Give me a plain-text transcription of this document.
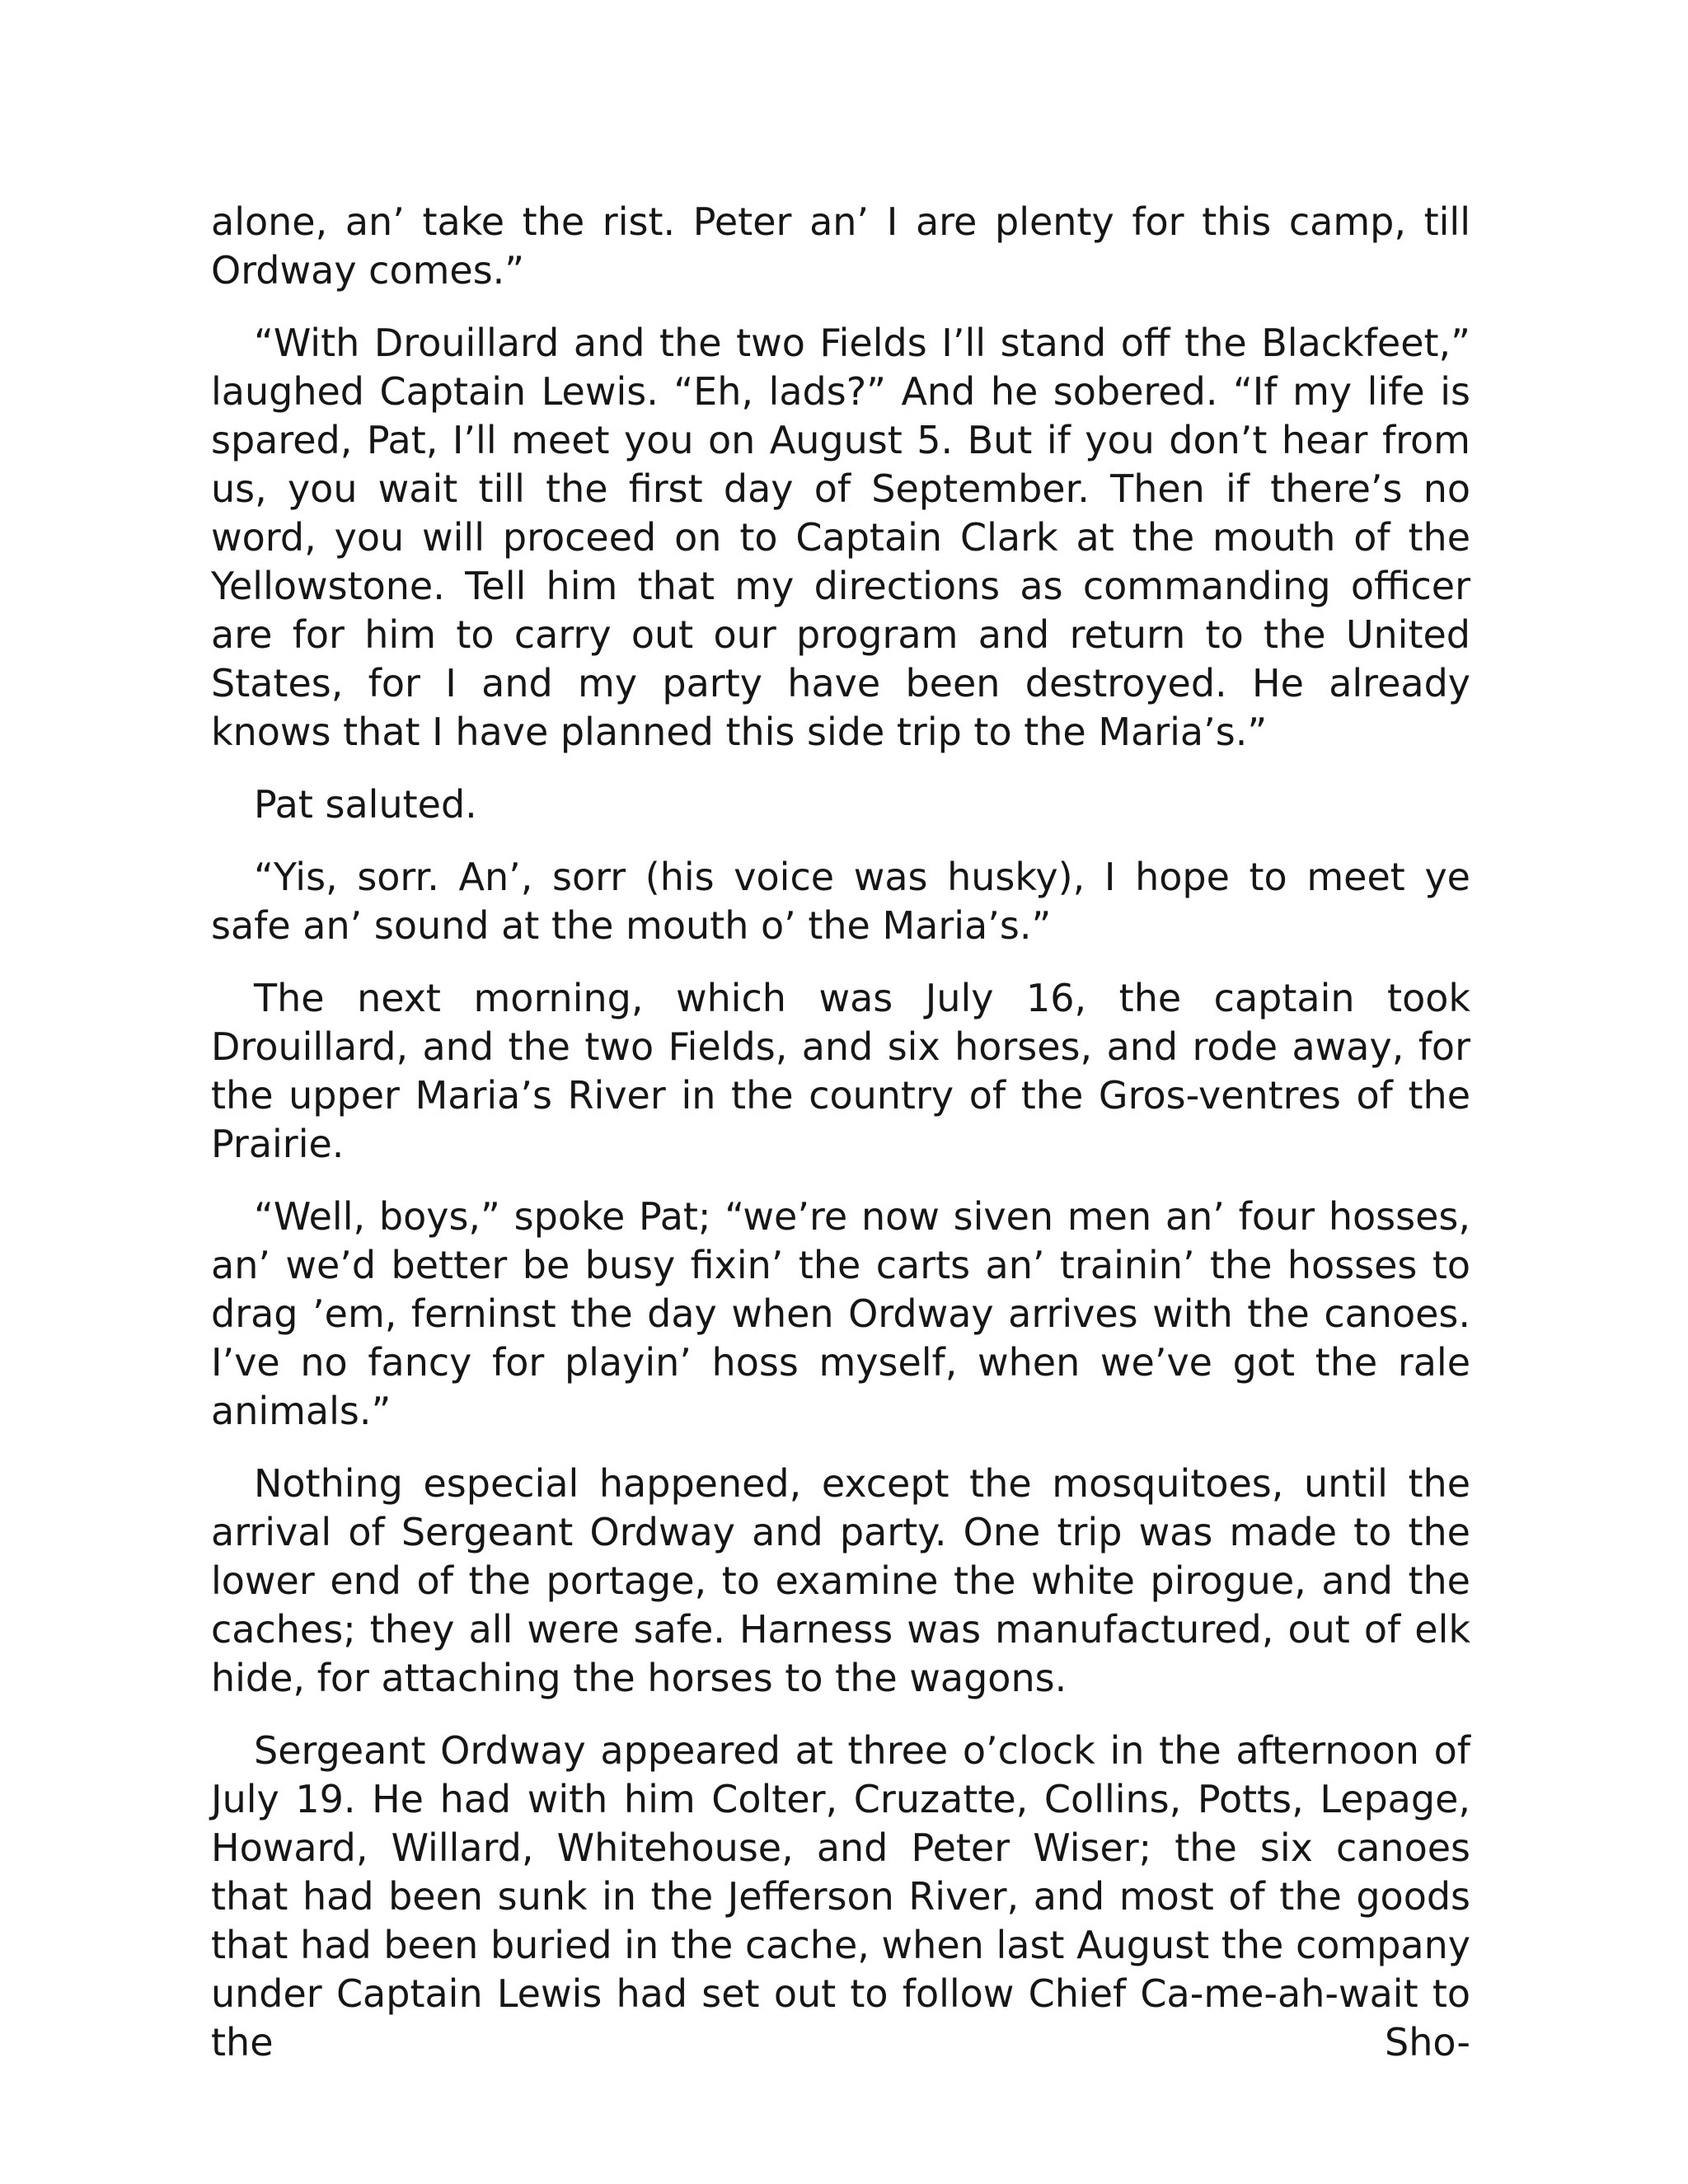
alone, an’ take the rist. Peter an’ I are plenty for this camp, till Ordway comes.”

“With Drouillard and the two Fields I’ll stand off the Blackfeet,” laughed Captain Lewis. “Eh, lads?” And he sobered. “If my life is spared, Pat, I’ll meet you on August 5. But if you don’t hear from us, you wait till the first day of September. Then if there’s no word, you will proceed on to Captain Clark at the mouth of the Yellowstone. Tell him that my directions as commanding officer are for him to carry out our program and return to the United States, for I and my party have been destroyed. He already knows that I have planned this side trip to the Maria’s.”

Pat saluted.

“Yis, sorr. An’, sorr (his voice was husky), I hope to meet ye safe an’ sound at the mouth o’ the Maria’s.”

The next morning, which was July 16, the captain took Drouillard, and the two Fields, and six horses, and rode away, for the upper Maria’s River in the country of the Gros-ventres of the Prairie.

“Well, boys,” spoke Pat; “we’re now siven men an’ four hosses, an’ we’d better be busy fixin’ the carts an’ trainin’ the hosses to drag ’em, ferninst the day when Ordway arrives with the canoes. I’ve no fancy for playin’ hoss myself, when we’ve got the rale animals.”

Nothing especial happened, except the mosquitoes, until the arrival of Sergeant Ordway and party. One trip was made to the lower end of the portage, to examine the white pirogue, and the caches; they all were safe. Harness was manufactured, out of elk hide, for attaching the horses to the wagons.

Sergeant Ordway appeared at three o’clock in the afternoon of July 19. He had with him Colter, Cruzatte, Collins, Potts, Lepage, Howard, Willard, Whitehouse, and Peter Wiser; the six canoes that had been sunk in the Jefferson River, and most of the goods that had been buried in the cache, when last August the company under Captain Lewis had set out to follow Chief Ca-me-ah-wait to the Sho-
